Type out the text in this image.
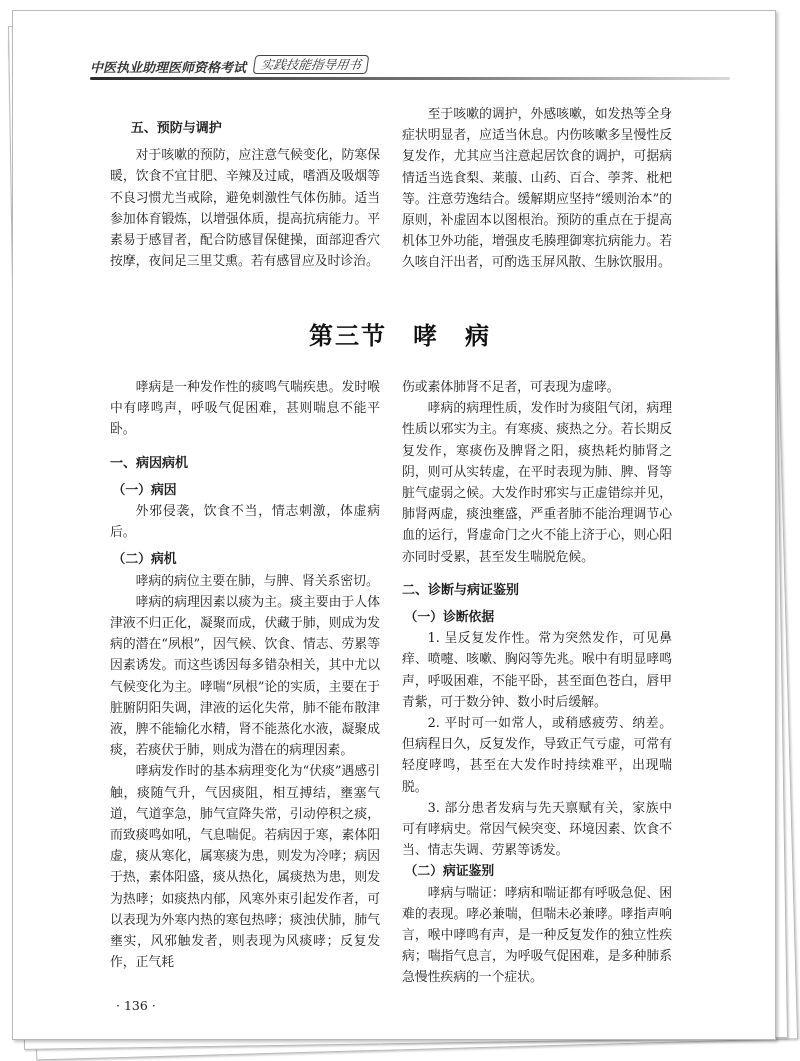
中医执业助理医师资格考试	实践技能指导用书
五、预防与调护

对于咳嗽的预防，应注意气候变化，防寒保暖，饮食不宜甘肥、辛辣及过咸，嗜酒及吸烟等不良习惯尤当戒除，避免刺激性气体伤肺。适当参加体育锻炼，以增强体质，提高抗病能力。平素易于感冒者，配合防感冒保健操，面部迎香穴按摩，夜间足三里艾熏。若有感冒应及时诊治。

至于咳嗽的调护，外感咳嗽，如发热等全身症状明显者，应适当休息。内伤咳嗽多呈慢性反复发作，尤其应当注意起居饮食的调护，可据病情适当选食梨、莱菔、山药、百合、荸荠、枇杷等。注意劳逸结合。缓解期应坚持“缓则治本”的原则，补虚固本以图根治。预防的重点在于提高机体卫外功能，增强皮毛腠理御寒抗病能力。若久咳自汗出者，可酌选玉屏风散、生脉饮服用。

第三节　哮　病

哮病是一种发作性的痰鸣气喘疾患。发时喉中有哮鸣声，呼吸气促困难，甚则喘息不能平卧。

一、病因病机
（一）病因

外邪侵袭，饮食不当，情志刺激，体虚病后。

（二）病机

哮病的病位主要在肺，与脾、肾关系密切。

哮病的病理因素以痰为主。痰主要由于人体津液不归正化，凝聚而成，伏藏于肺，则成为发病的潜在“夙根”，因气候、饮食、情志、劳累等因素诱发。而这些诱因每多错杂相关，其中尤以气候变化为主。哮喘“夙根”论的实质，主要在于脏腑阴阳失调，津液的运化失常，肺不能布散津液，脾不能输化水精，肾不能蒸化水液，凝聚成痰，若痰伏于肺，则成为潜在的病理因素。

哮病发作时的基本病理变化为“伏痰”遇感引触，痰随气升，气因痰阻，相互搏结，壅塞气道，气道挛急，肺气宣降失常，引动停积之痰，而致痰鸣如吼，气息喘促。若病因于寒，素体阳虚，痰从寒化，属寒痰为患，则发为冷哮；病因于热，素体阳盛，痰从热化，属痰热为患，则发为热哮；如痰热内郁，风寒外束引起发作者，可以表现为外寒内热的寒包热哮；痰浊伏肺，肺气壅实，风邪触发者，则表现为风痰哮；反复发作，正气耗

伤或素体肺肾不足者，可表现为虚哮。

哮病的病理性质，发作时为痰阻气闭，病理性质以邪实为主。有寒痰、痰热之分。若长期反复发作，寒痰伤及脾肾之阳，痰热耗灼肺肾之阴，则可从实转虚，在平时表现为肺、脾、肾等脏气虚弱之候。大发作时邪实与正虚错综并见，肺肾两虚，痰浊壅盛，严重者肺不能治理调节心血的运行，肾虚命门之火不能上济于心，则心阳亦同时受累，甚至发生喘脱危候。

二、诊断与病证鉴别
（一）诊断依据

1. 呈反复发作性。常为突然发作，可见鼻痒、喷嚏、咳嗽、胸闷等先兆。喉中有明显哮鸣声，呼吸困难，不能平卧，甚至面色苍白，唇甲青紫，可于数分钟、数小时后缓解。

2. 平时可一如常人，或稍感疲劳、纳差。但病程日久，反复发作，导致正气亏虚，可常有轻度哮鸣，甚至在大发作时持续难平，出现喘脱。

3. 部分患者发病与先天禀赋有关，家族中可有哮病史。常因气候突变、环境因素、饮食不当、情志失调、劳累等诱发。

（二）病证鉴别

哮病与喘证：哮病和喘证都有呼吸急促、困难的表现。哮必兼喘，但喘未必兼哮。哮指声响言，喉中哮鸣有声，是一种反复发作的独立性疾病；喘指气息言，为呼吸气促困难，是多种肺系急慢性疾病的一个症状。

· 136 ·
